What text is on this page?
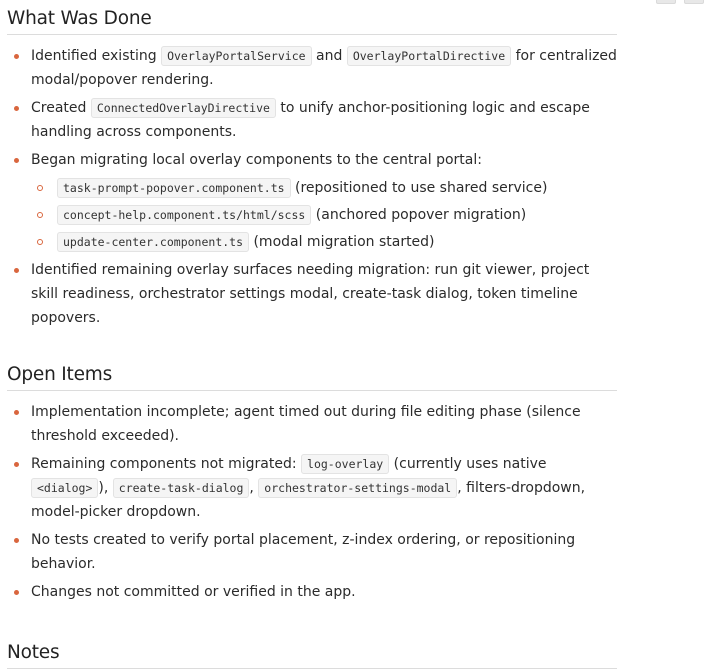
What Was Done
Identified existing OverlayPortalService and OverlayPortalDirective for centralized modal/popover rendering.
Created ConnectedOverlayDirective to unify anchor-positioning logic and escape handling across components.
Began migrating local overlay components to the central portal:
task-prompt-popover.component.ts (repositioned to use shared service)
concept-help.component.ts/html/scss (anchored popover migration)
update-center.component.ts (modal migration started)
Identified remaining overlay surfaces needing migration: run git viewer, project skill readiness, orchestrator settings modal, create-task dialog, token timeline popovers.
Open Items
Implementation incomplete; agent timed out during file editing phase (silence threshold exceeded).
Remaining components not migrated: log-overlay (currently uses native <dialog> ), create-task-dialog , orchestrator-settings-modal , filters-dropdown, model-picker dropdown.
No tests created to verify portal placement, z-index ordering, or repositioning behavior.
Changes not committed or verified in the app.
Notes
